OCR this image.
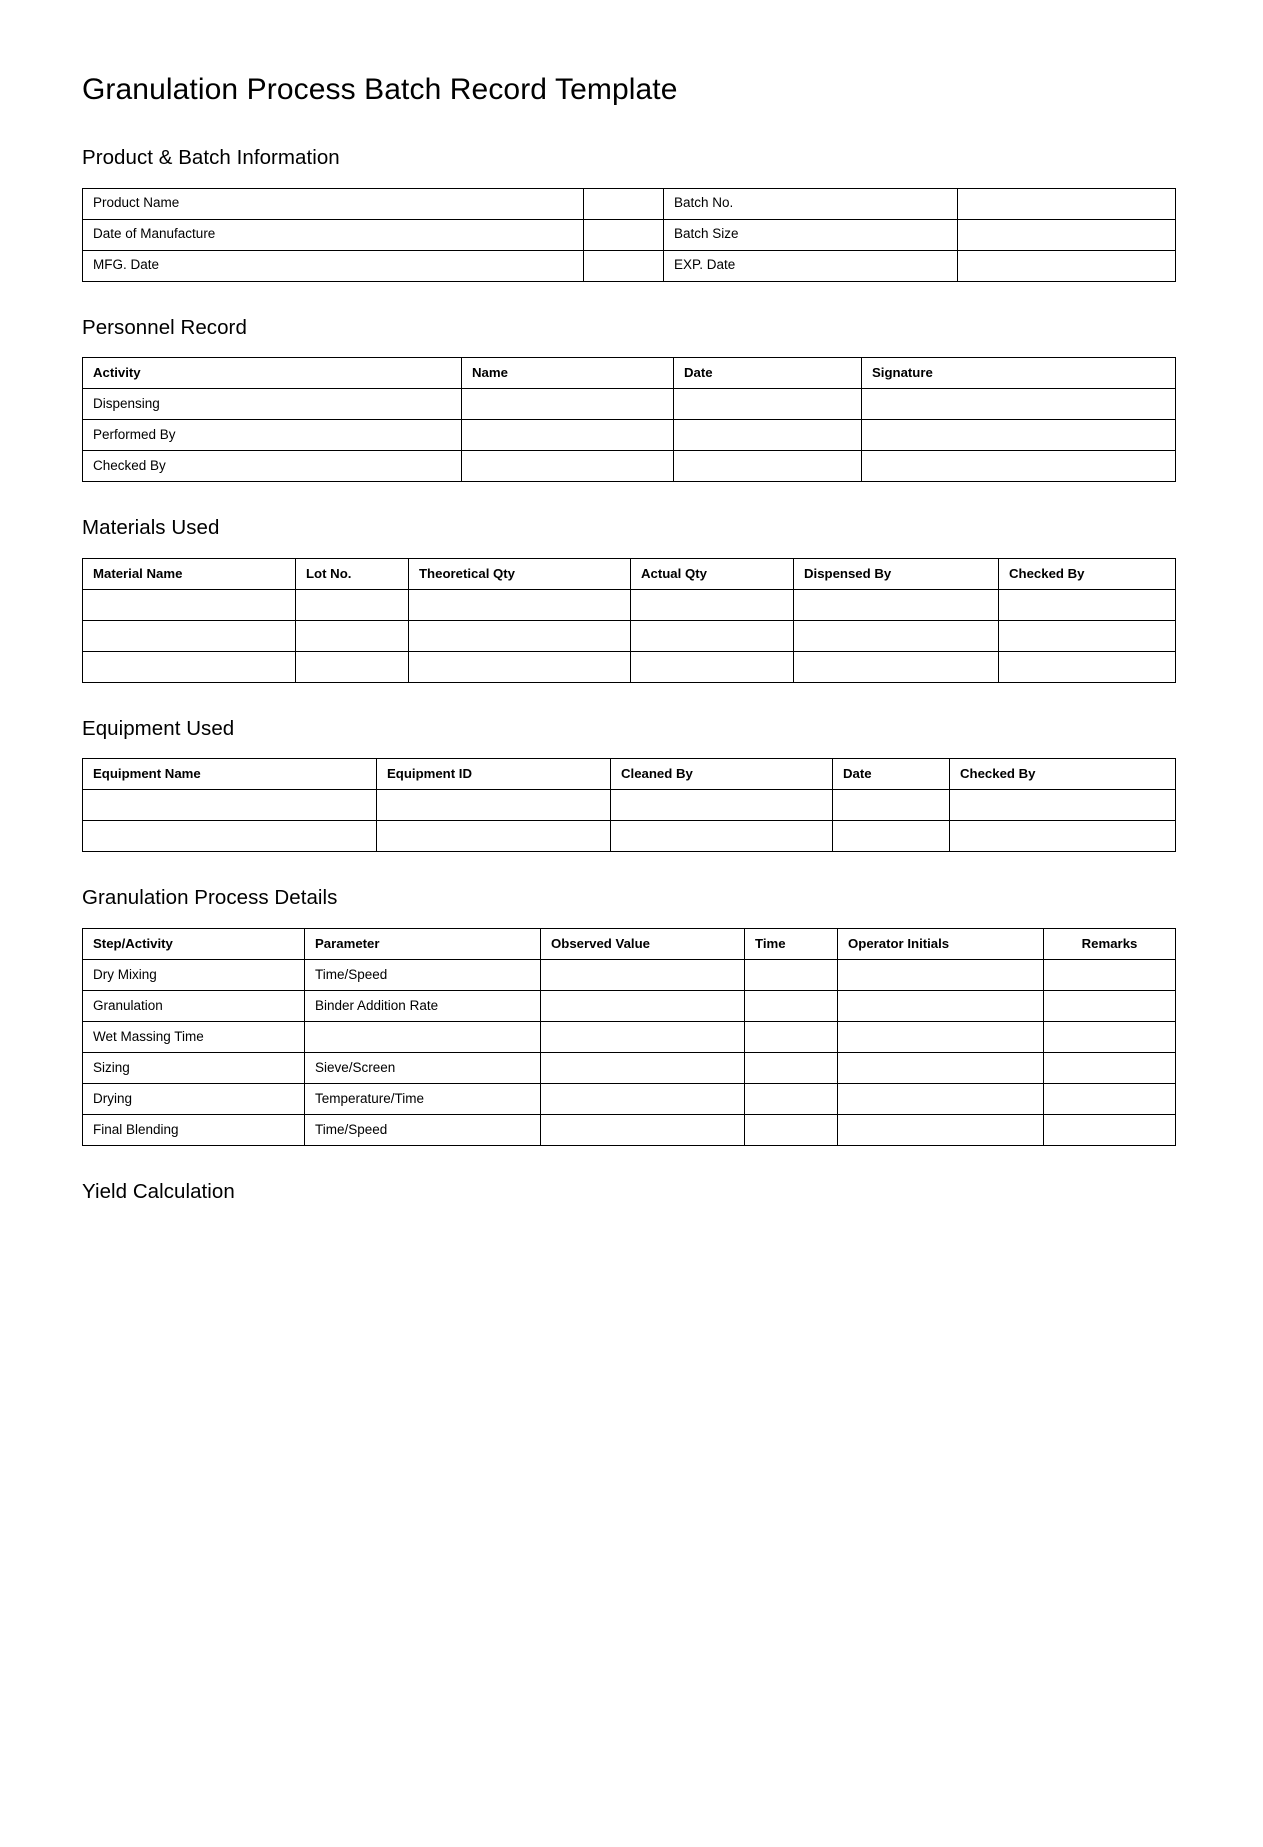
Granulation Process Batch Record Template
Product & Batch Information
Product Name		Batch No.	
Date of Manufacture		Batch Size	
MFG. Date		EXP. Date	
Personnel Record
Activity	Name	Date	Signature
Dispensing			
Performed By			
Checked By			
Materials Used
Material Name	Lot No.	Theoretical Qty	Actual Qty	Dispensed By	Checked By

Equipment Used
Equipment Name	Equipment ID	Cleaned By	Date	Checked By

Granulation Process Details
Step/Activity	Parameter	Observed Value	Time	Operator Initials	Remarks
Dry Mixing	Time/Speed				
Granulation	Binder Addition Rate				
Wet Massing Time					
Sizing	Sieve/Screen				
Drying	Temperature/Time				
Final Blending	Time/Speed				
Yield Calculation
